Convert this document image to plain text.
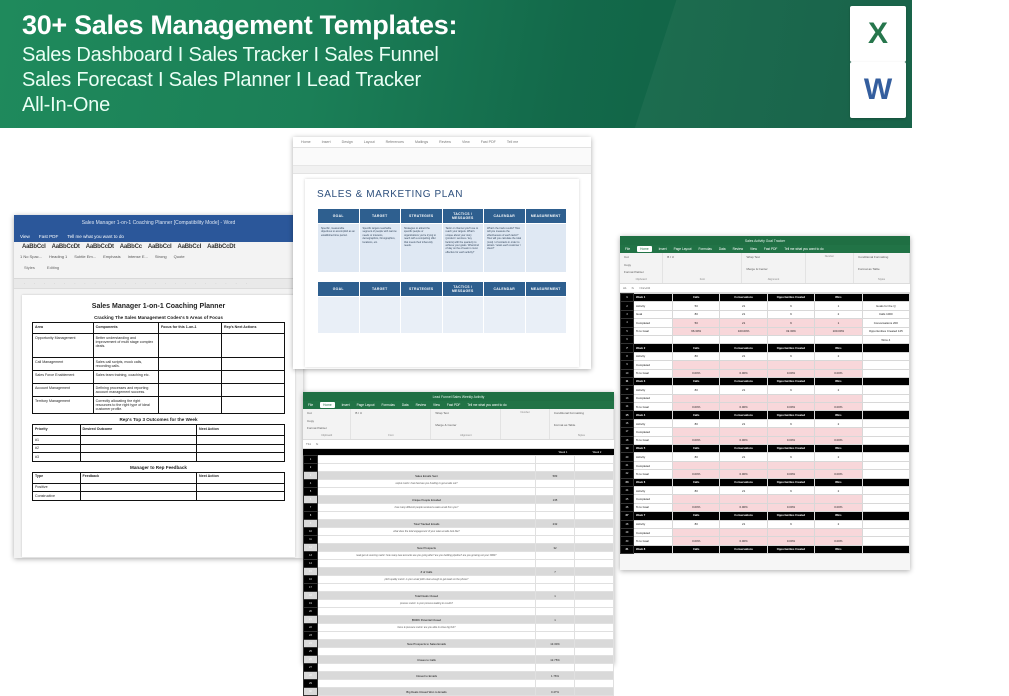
30+ Sales Management Templates:
Sales Dashboard I Sales Tracker I Sales Funnel
Sales Forecast I Sales Planner I Lead Tracker
All-In-One
X
W
Sales Manager 1-on-1 Coaching Planner [Compatibility Mode] - Word
View Fast PDF Tell me what you want to do
AaBbCcI AaBbCcDt AaBbCcDt AaBbCc AaBbCcI AaBbCcI AaBbCcDt
1 No Spac... Heading 1 Subtle Em... Emphasis Intense E... Strong Quote
Styles	Editing
· · · · · · · · · · · · · · · · · · · · · · ·
Sales Manager 1-on-1 Coaching Planner
Cracking The Sales Management Codes's 5 Areas of Focus
Area	Components	Focus for this 1-on-1	Rep's Next Actions
Opportunity Management	Better understanding and improvement of multi stage complex deals.		
Call Management	Sales call scripts, mock calls, recording calls.		
Sales Force Enablement	Sales team training, coaching etc.		
Account Management	Defining processes and reporting account management success.		
Territory Management	Correctly allocating the right resources to the right type of ideal customer profile.		
Rep's Top 3 Outcomes for the Week
Priority	Desired Outcome	Next Action
#1		
#2		
#3		
Manager to Rep Feedback
Type	Feedback	Next Action
Positive		
Constructive		
Home	Insert	Design	Layout	References	Mailings	Review	View	Fast PDF	Tell me
SALES & MARKETING PLAN
GOAL	TARGET	STRATEGIES	TACTICS / MESSAGES	CALENDAR	MEASUREMENT
Specific, measurable objectives to accomplish as an established time period.	Specific targets reachable segment of people with narrow needs or interests, demographics, firmographics, locations, etc.	Strategies to attract the specific people or organizations you're trying to reach with a compelling offer that meets their inherently needs.	Tactic or channel you'll use to reach your targets. What's unique about your story (product / services / key factors) with the quarterly to achieve your goals. What kind of day on the of team is most effective for each activity?	What's the track results? How will you measure the effectiveness of each tactic? How will you calculate the total (cost) / of contacts in order to attract / retain each customer / client?	
GOAL	TARGET	STRATEGIES	TACTICS / MESSAGES	CALENDAR	MEASUREMENT

Lead Funnel Sales Weekly Activity
File	Home	Insert Page Layout Formulas Data Review View Fast PDF Tell me what you want to do
Cut
Copy
Format Painter
Clipboard
B I U
Font
Wrap Text
Merge & Center
Alignment
Number	Conditional Formatting
Format as Table
Styles
T11 fx
Week 1	Week 2
1			
2			
3	Sales Emails Sent	583	
4	output metric: how hard are you hustling to get emails out?		
5			
6	Unique People Emailed	135	
7	how many different people received a sales email from you?		
8			
9	Total Tracked Emails	232	
10	what does the total engagement of your sales emails look like?		
11			
12	New Prospects	32	
13	lead gen & sourcing metric: how many new accounts are you going after? are you building pipeline? are you growing out your CRM?		
14			
15	# of Calls	7	
16	pitch quality metric: is your email pitch clear enough to get leads on the phone?		
17			
18	Total Deals Closed	1	
19	process metric: is your process leading to results?		
20			
21	$500K Potential Closed	1	
22	focus & pressure metric: are you able to close big fish?		
23			
24	New Prospects to Sales Emails	13.30%	
25			
26	Closes to Calls	12.75%	
27			
28	Closed to Emails	1.76%	
29			
30	Big Deals Closed Won to Emails	0.47%	
Sales Activity Goal Tracker
File	Home	Insert Page Layout Formulas Data Review View Fast PDF Tell me what you want to do
Cut
Copy
Format Painter
Clipboard
B I U
Font
Wrap Text
Merge & Center
Alignment
Number	Conditional Formatting
Format as Table
Styles
A1 fx =C2+D2
1	Week 1	Calls	Conversations	Opportunities Created	Wins	
2	Activity	53	21	9	1	Goals for the Q
3	Goal	83	21	9	2	Calls 1000
4	Completed	53	21	9	1	Conversations 200
5	% to Goal	66.30%	100.00%	19.30%	100.00%	Opportunities Created 125
6						Wins 4
7	Week 2	Calls	Conversations	Opportunities Created	Wins	
8	Activity	83	21	9	2	
9	Completed					
10	% to Goal	0.00%	0.00%	0.00%	0.00%	
11	Week 3	Calls	Conversations	Opportunities Created	Wins	
12	Activity	83	21	9	2	
13	Completed					
14	% to Goal	0.00%	0.00%	0.00%	0.00%	
15	Week 4	Calls	Conversations	Opportunities Created	Wins	
16	Activity	83	21	9	2	
17	Completed					
18	% to Goal	0.00%	0.00%	0.00%	0.00%	
19	Week 5	Calls	Conversations	Opportunities Created	Wins	
20	Activity	83	21	9	2	
21	Completed					
22	% to Goal	0.00%	0.00%	0.00%	0.00%	
23	Week 6	Calls	Conversations	Opportunities Created	Wins	
24	Activity	83	21	9	2	
25	Completed					
26	% to Goal	0.00%	0.00%	0.00%	0.00%	
27	Week 7	Calls	Conversations	Opportunities Created	Wins	
28	Activity	83	21	9	2	
29	Completed					
30	% to Goal	0.00%	0.00%	0.00%	0.00%	
31	Week 8	Calls	Conversations	Opportunities Created	Wins	
